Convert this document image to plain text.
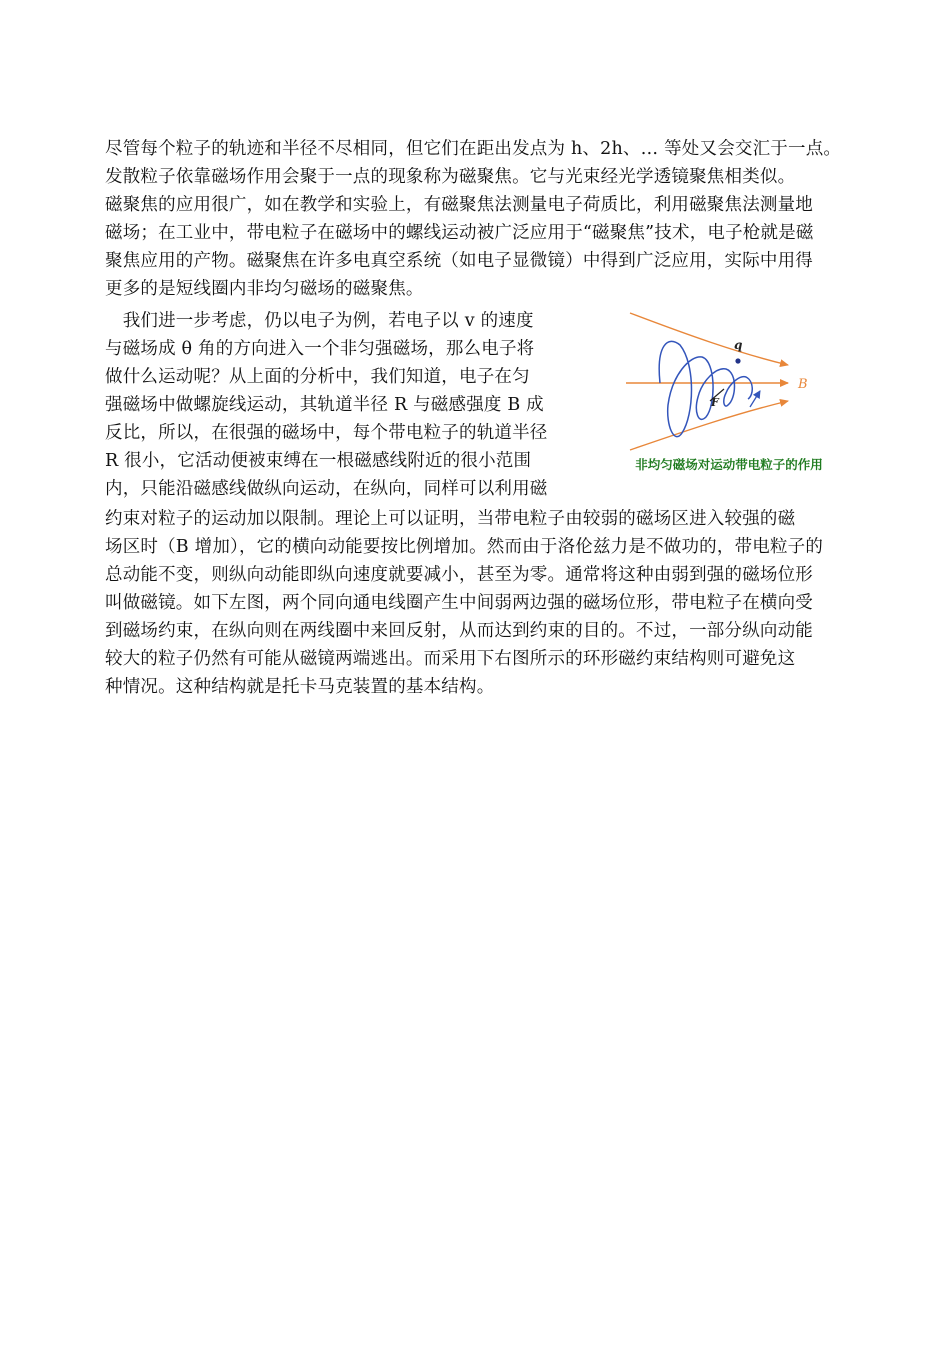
尽管每个粒子的轨迹和半径不尽相同，但它们在距出发点为 h、2h、… 等处又会交汇于一点。
发散粒子依靠磁场作用会聚于一点的现象称为磁聚焦。它与光束经光学透镜聚焦相类似。
磁聚焦的应用很广，如在教学和实验上，有磁聚焦法测量电子荷质比，利用磁聚焦法测量地
磁场；在工业中，带电粒子在磁场中的螺线运动被广泛应用于“磁聚焦”技术，电子枪就是磁
聚焦应用的产物。磁聚焦在许多电真空系统（如电子显微镜）中得到广泛应用，实际中用得
更多的是短线圈内非均匀磁场的磁聚焦。
　我们进一步考虑，仍以电子为例，若电子以 v 的速度
与磁场成 θ 角的方向进入一个非匀强磁场，那么电子将
做什么运动呢？从上面的分析中，我们知道，电子在匀
强磁场中做螺旋线运动，其轨道半径 R 与磁感强度 B 成
反比，所以，在很强的磁场中，每个带电粒子的轨道半径
R 很小，它活动便被束缚在一根磁感线附近的很小范围
内，只能沿磁感线做纵向运动，在纵向，同样可以利用磁
约束对粒子的运动加以限制。理论上可以证明，当带电粒子由较弱的磁场区进入较强的磁
场区时（B 增加），它的横向动能要按比例增加。然而由于洛伦兹力是不做功的，带电粒子的
总动能不变，则纵向动能即纵向速度就要减小，甚至为零。通常将这种由弱到强的磁场位形
叫做磁镜。如下左图，两个同向通电线圈产生中间弱两边强的磁场位形，带电粒子在横向受
到磁场约束，在纵向则在两线圈中来回反射，从而达到约束的目的。不过，一部分纵向动能
较大的粒子仍然有可能从磁镜两端逃出。而采用下右图所示的环形磁约束结构则可避免这
种情况。这种结构就是托卡马克装置的基本结构。
q
F
B
非均匀磁场对运动带电粒子的作用
